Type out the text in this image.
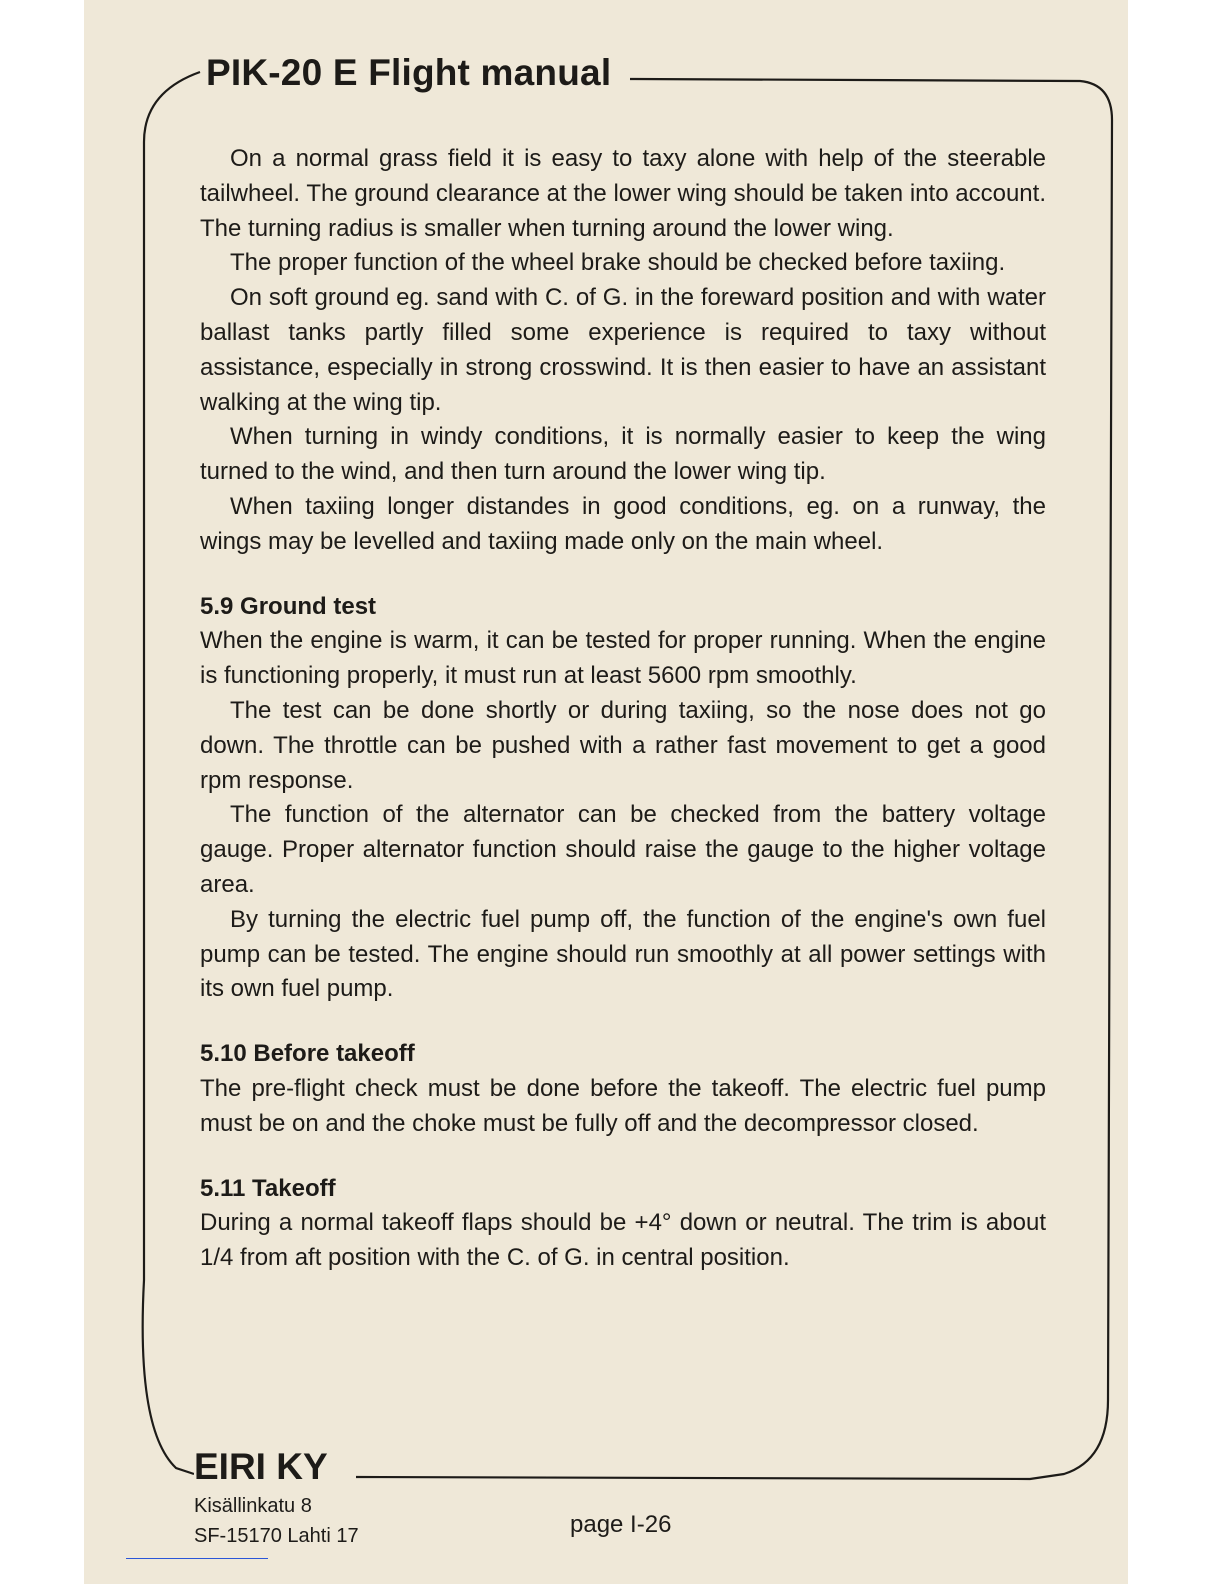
PIK-20 E Flight manual

On a normal grass field it is easy to taxy alone with help of the steerable tailwheel. The ground clearance at the lower wing should be taken into account. The turning radius is smaller when turning around the lower wing.

The proper function of the wheel brake should be checked before taxiing.

On soft ground eg. sand with C. of G. in the foreward position and with water ballast tanks partly filled some experience is required to taxy without assistance, especially in strong crosswind. It is then easier to have an assistant walking at the wing tip.

When turning in windy conditions, it is normally easier to keep the wing turned to the wind, and then turn around the lower wing tip.

When taxiing longer distandes in good conditions, eg. on a runway, the wings may be levelled and taxiing made only on the main wheel.

5.9 Ground test

When the engine is warm, it can be tested for proper running. When the engine is functioning properly, it must run at least 5600 rpm smoothly.

The test can be done shortly or during taxiing, so the nose does not go down. The throttle can be pushed with a rather fast movement to get a good rpm response.

The function of the alternator can be checked from the battery voltage gauge. Proper alternator function should raise the gauge to the higher voltage area.

By turning the electric fuel pump off, the function of the engine's own fuel pump can be tested. The engine should run smoothly at all power settings with its own fuel pump.

5.10 Before takeoff

The pre-flight check must be done before the takeoff. The electric fuel pump must be on and the choke must be fully off and the decompressor closed.

5.11 Takeoff

During a normal takeoff flaps should be +4° down or neutral. The trim is about 1/4 from aft position with the C. of G. in central position.

EIRI KY
Kisällinkatu 8
SF-15170 Lahti 17	page I-26
